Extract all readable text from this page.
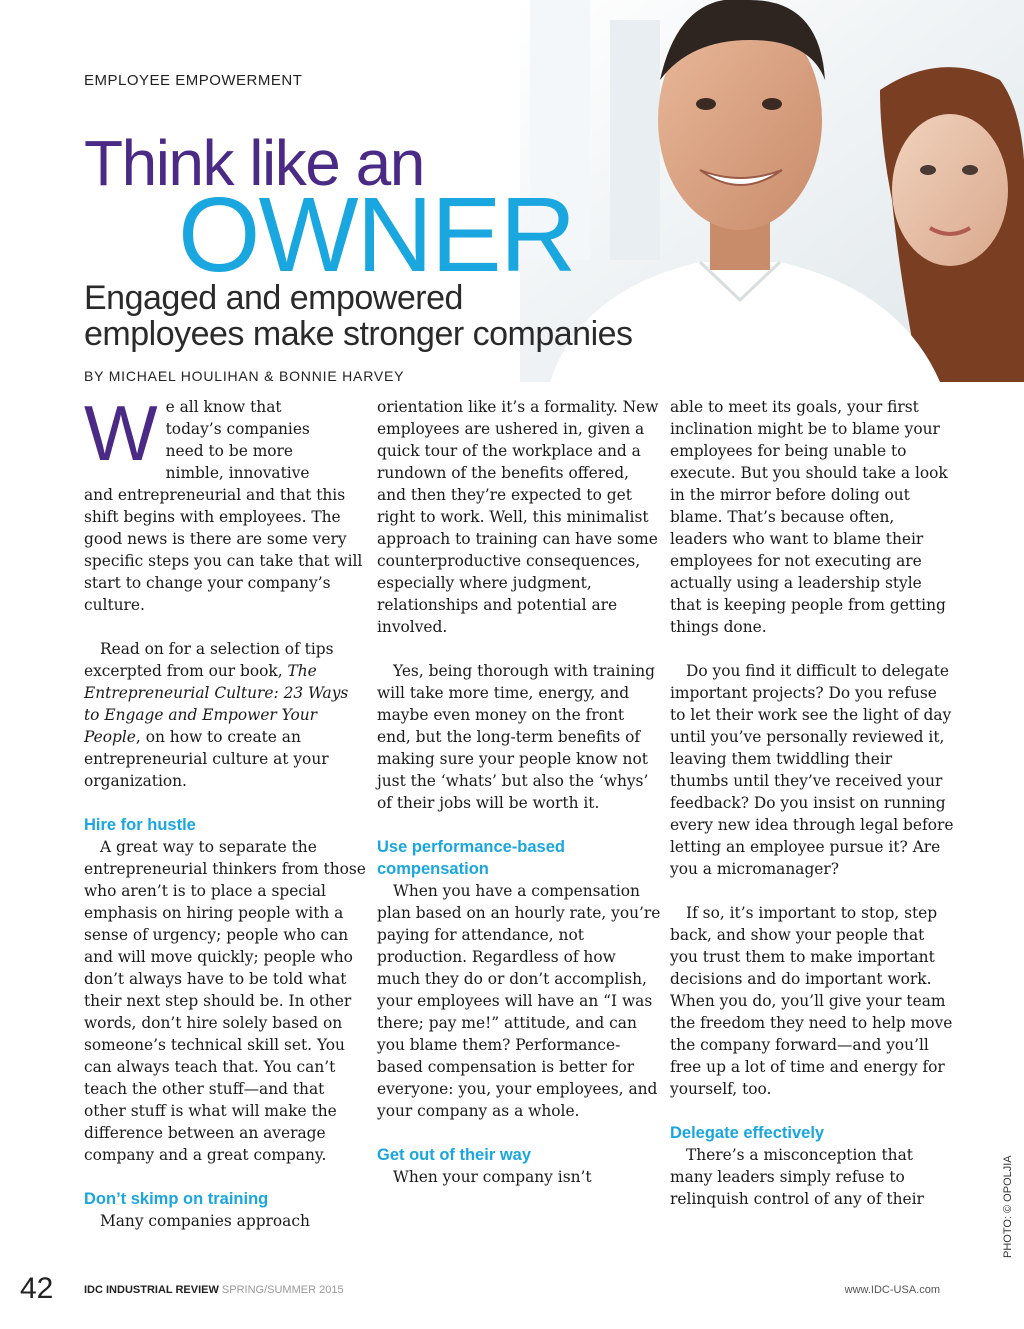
EMPLOYEE EMPOWERMENT
Think like an
OWNER
Engaged and empowered
employees make stronger companies
BY MICHAEL HOULIHAN & BONNIE HARVEY
W e all know that
today’s companies
need to be more
nimble, innovative
and entrepreneurial and that this shift begins with employees. The good news is there are some very specific steps you can take that will start to change your company’s culture.

Read on for a selection of tips excerpted from our book, The Entrepreneurial Culture: 23 Ways to Engage and Empower Your People, on how to create an entrepreneurial culture at your organization.

Hire for hustle

A great way to separate the entrepreneurial thinkers from those who aren’t is to place a special emphasis on hiring people with a sense of urgency; people who can and will move quickly; people who don’t always have to be told what their next step should be. In other words, don’t hire solely based on someone’s technical skill set. You can always teach that. You can’t teach the other stuff—and that other stuff is what will make the difference between an average company and a great company.

Don’t skimp on training

Many companies approach

orientation like it’s a formality. New employees are ushered in, given a quick tour of the workplace and a rundown of the benefits offered, and then they’re expected to get right to work. Well, this minimalist approach to training can have some counterproductive consequences, especially where judgment, relationships and potential are involved.

Yes, being thorough with training will take more time, energy, and maybe even money on the front end, but the long-term benefits of making sure your people know not just the ‘whats’ but also the ‘whys’ of their jobs will be worth it.

Use performance-based compensation

When you have a compensation plan based on an hourly rate, you’re paying for attendance, not production. Regardless of how much they do or don’t accomplish, your employees will have an “I was there; pay me!” attitude, and can you blame them? Performance-based compensation is better for everyone: you, your employees, and your company as a whole.

Get out of their way

When your company isn’t

able to meet its goals, your first inclination might be to blame your employees for being unable to execute. But you should take a look in the mirror before doling out blame. That’s because often, leaders who want to blame their employees for not executing are actually using a leadership style that is keeping people from getting things done.

Do you find it difficult to delegate important projects? Do you refuse to let their work see the light of day until you’ve personally reviewed it, leaving them twiddling their thumbs until they’ve received your feedback? Do you insist on running every new idea through legal before letting an employee pursue it? Are you a micromanager?

If so, it’s important to stop, step back, and show your people that you trust them to make important decisions and do important work. When you do, you’ll give your team the freedom they need to help move the company forward—and you’ll free up a lot of time and energy for yourself, too.

Delegate effectively

There’s a misconception that many leaders simply refuse to relinquish control of any of their	PHOTO: © OPOLJIA
42	IDC INDUSTRIAL REVIEW SPRING/SUMMER 2015	www.IDC-USA.com
